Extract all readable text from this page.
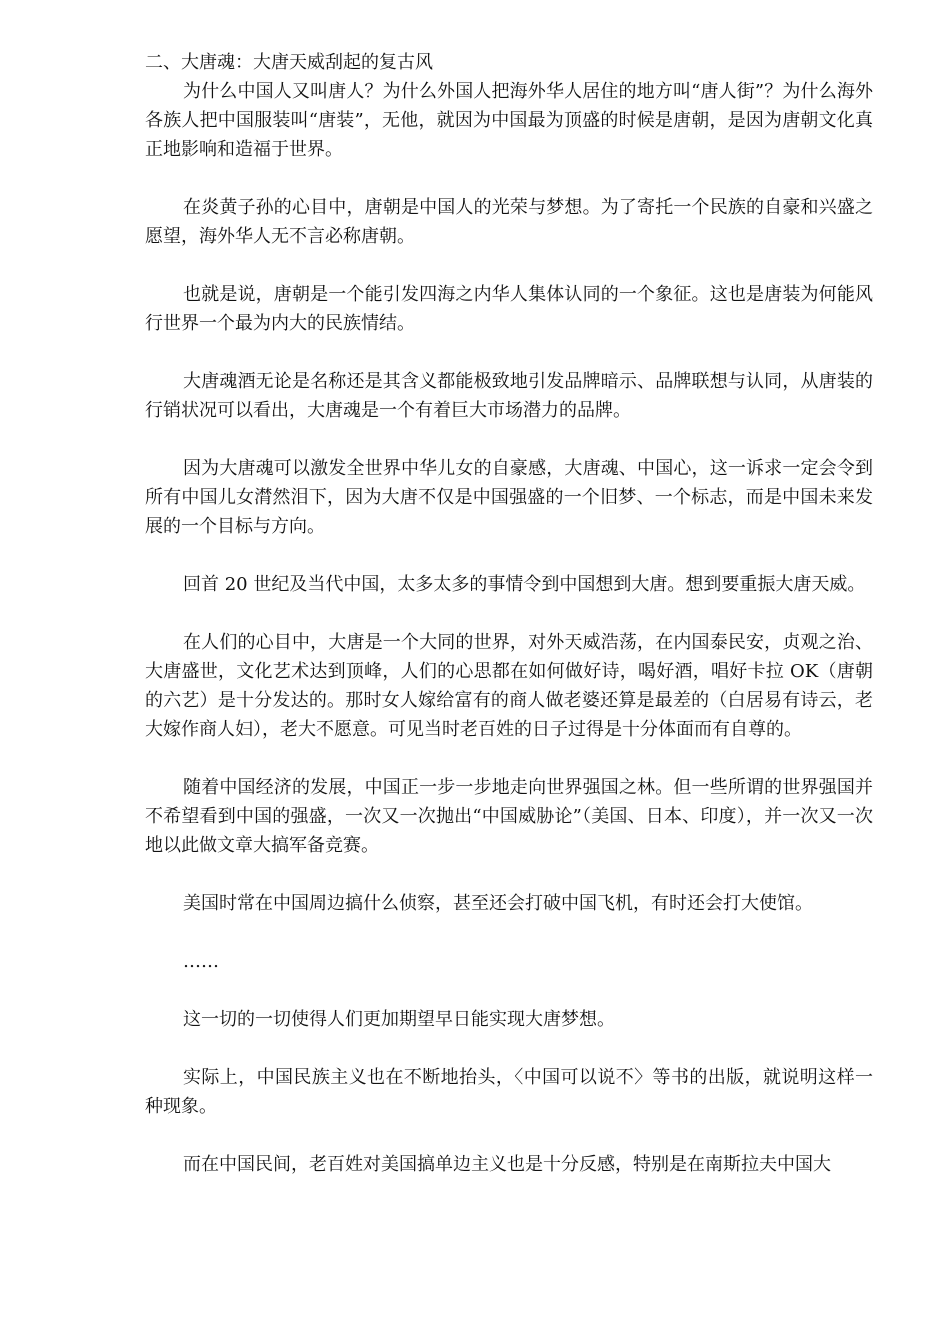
二、大唐魂：大唐天威刮起的复古风

为什么中国人又叫唐人？为什么外国人把海外华人居住的地方叫“唐人街”？为什么海外各族人把中国服装叫“唐装”，无他，就因为中国最为顶盛的时候是唐朝，是因为唐朝文化真正地影响和造福于世界。

在炎黄子孙的心目中，唐朝是中国人的光荣与梦想。为了寄托一个民族的自豪和兴盛之愿望，海外华人无不言必称唐朝。

也就是说，唐朝是一个能引发四海之内华人集体认同的一个象征。这也是唐装为何能风行世界一个最为内大的民族情结。

大唐魂酒无论是名称还是其含义都能极致地引发品牌暗示、品牌联想与认同，从唐装的行销状况可以看出，大唐魂是一个有着巨大市场潜力的品牌。

因为大唐魂可以激发全世界中华儿女的自豪感，大唐魂、中国心，这一诉求一定会令到所有中国儿女潸然泪下，因为大唐不仅是中国强盛的一个旧梦、一个标志，而是中国未来发展的一个目标与方向。

回首 20 世纪及当代中国，太多太多的事情令到中国想到大唐。想到要重振大唐天威。

在人们的心目中，大唐是一个大同的世界，对外天威浩荡，在内国泰民安，贞观之治、大唐盛世，文化艺术达到顶峰，人们的心思都在如何做好诗，喝好酒，唱好卡拉 OK（唐朝的六艺）是十分发达的。那时女人嫁给富有的商人做老婆还算是最差的（白居易有诗云，老大嫁作商人妇），老大不愿意。可见当时老百姓的日子过得是十分体面而有自尊的。

随着中国经济的发展，中国正一步一步地走向世界强国之林。但一些所谓的世界强国并不希望看到中国的强盛，一次又一次抛出“中国威胁论”（美国、日本、印度），并一次又一次地以此做文章大搞军备竞赛。

美国时常在中国周边搞什么侦察，甚至还会打破中国飞机，有时还会打大使馆。

……

这一切的一切使得人们更加期望早日能实现大唐梦想。

实际上，中国民族主义也在不断地抬头，〈中国可以说不〉等书的出版，就说明这样一种现象。

而在中国民间，老百姓对美国搞单边主义也是十分反感，特别是在南斯拉夫中国大
